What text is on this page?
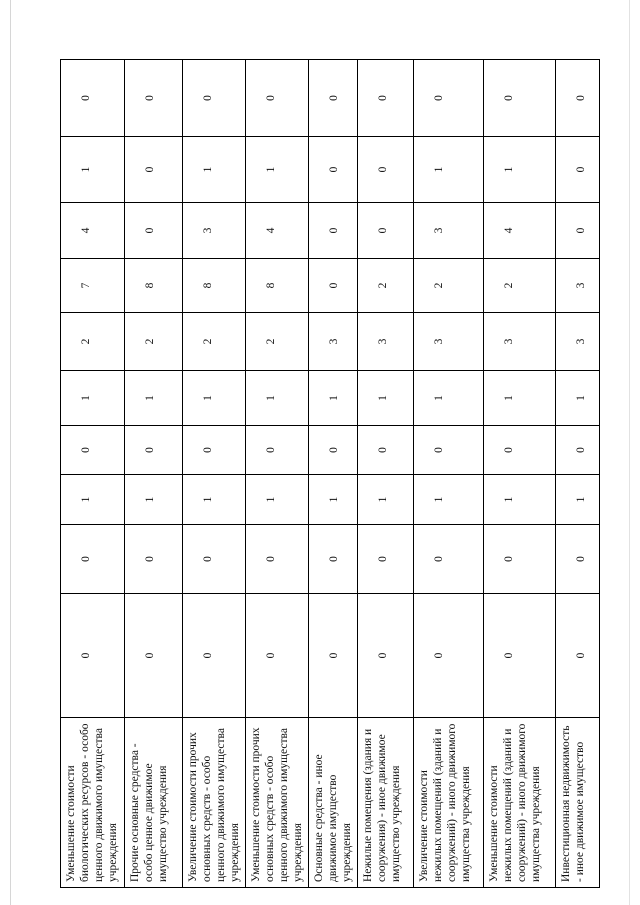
Уменьшение стоимости биологических ресурсов - особо ценного движимого имущества учреждения	0	0	1	0	1	2	7	4	1	0
Прочие основные средства - особо ценное движимое имущество учреждения	0	0	1	0	1	2	8	0	0	0
Увеличение стоимости прочих основных средств - особо ценного движимого имущества учреждения	0	0	1	0	1	2	8	3	1	0
Уменьшение стоимости прочих основных средств - особо ценного движимого имущества учреждения	0	0	1	0	1	2	8	4	1	0
Основные средства - иное движимое имущество учреждения	0	0	1	0	1	3	0	0	0	0
Нежилые помещения (здания и сооружения) - иное движимое имущество учреждения	0	0	1	0	1	3	2	0	0	0
Увеличение стоимости нежилых помещений (зданий и сооружений) - иного движимого имущества учреждения	0	0	1	0	1	3	2	3	1	0
Уменьшение стоимости нежилых помещений (зданий и сооружений) - иного движимого имущества учреждения	0	0	1	0	1	3	2	4	1	0
Инвестиционная недвижимость - иное движимое имущество	0	0	1	0	1	3	3	0	0	0
